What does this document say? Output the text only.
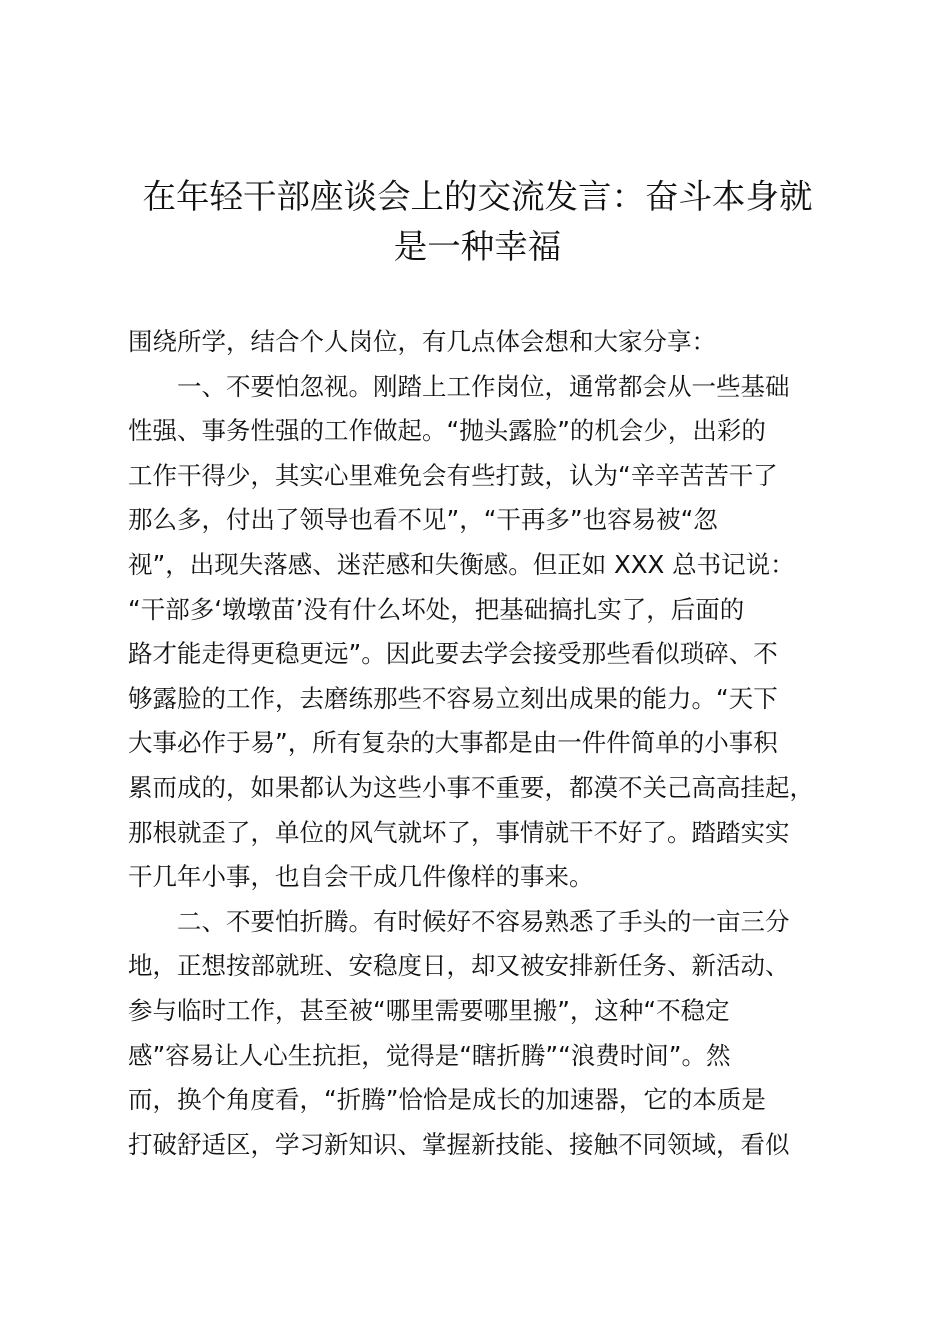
在年轻干部座谈会上的交流发言：奋斗本身就
是一种幸福
围绕所学，结合个人岗位，有几点体会想和大家分享：
一、不要怕忽视。刚踏上工作岗位，通常都会从一些基础
性强、事务性强的工作做起。“抛头露脸”的机会少，出彩的
工作干得少，其实心里难免会有些打鼓，认为“辛辛苦苦干了
那么多，付出了领导也看不见”，“干再多”也容易被“忽
视”，出现失落感、迷茫感和失衡感。但正如 XXX 总书记说：
“干部多‘墩墩苗’没有什么坏处，把基础搞扎实了，后面的
路才能走得更稳更远”。因此要去学会接受那些看似琐碎、不
够露脸的工作，去磨练那些不容易立刻出成果的能力。“天下
大事必作于易”，所有复杂的大事都是由一件件简单的小事积
累而成的，如果都认为这些小事不重要，都漠不关己高高挂起，
那根就歪了，单位的风气就坏了，事情就干不好了。踏踏实实
干几年小事，也自会干成几件像样的事来。
二、不要怕折腾。有时候好不容易熟悉了手头的一亩三分
地，正想按部就班、安稳度日，却又被安排新任务、新活动、
参与临时工作，甚至被“哪里需要哪里搬”，这种“不稳定
感”容易让人心生抗拒，觉得是“瞎折腾”“浪费时间”。然
而，换个角度看，“折腾”恰恰是成长的加速器，它的本质是
打破舒适区，学习新知识、掌握新技能、接触不同领域，看似
